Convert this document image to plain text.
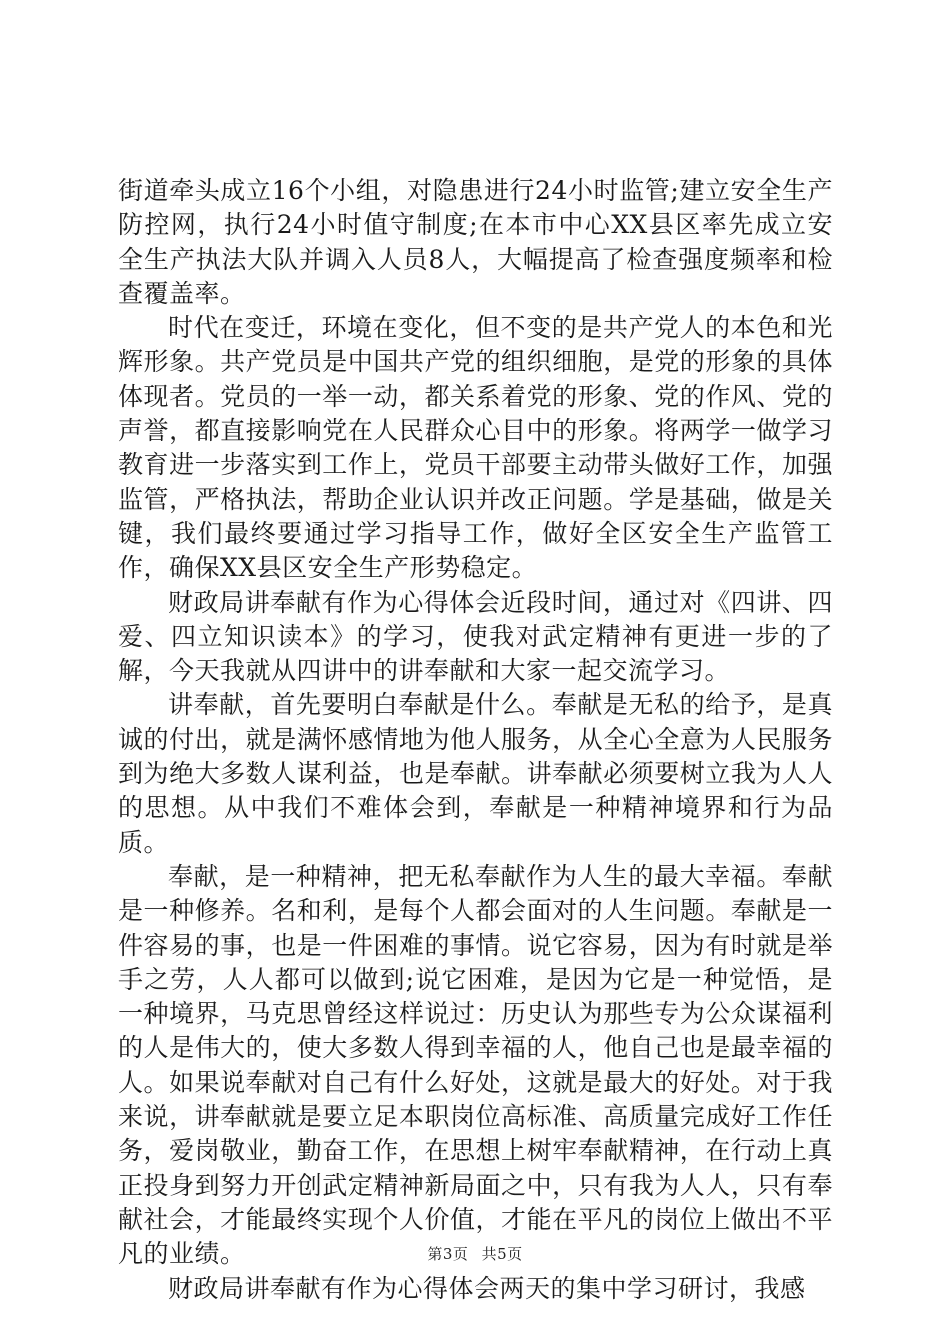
街道牵头成立16个小组，对隐患进行24小时监管;建立安全生产防控网，执行24小时值守制度;在本市中心XX县区率先成立安全生产执法大队并调入人员8人，大幅提高了检查强度频率和检查覆盖率。

时代在变迁，环境在变化，但不变的是共产党人的本色和光辉形象。共产党员是中国共产党的组织细胞，是党的形象的具体体现者。党员的一举一动，都关系着党的形象、党的作风、党的声誉，都直接影响党在人民群众心目中的形象。将两学一做学习教育进一步落实到工作上，党员干部要主动带头做好工作，加强监管，严格执法，帮助企业认识并改正问题。学是基础，做是关键，我们最终要通过学习指导工作，做好全区安全生产监管工作，确保XX县区安全生产形势稳定。

财政局讲奉献有作为心得体会近段时间，通过对《四讲、四爱、四立知识读本》的学习，使我对武定精神有更进一步的了解，今天我就从四讲中的讲奉献和大家一起交流学习。

讲奉献，首先要明白奉献是什么。奉献是无私的给予，是真诚的付出，就是满怀感情地为他人服务，从全心全意为人民服务到为绝大多数人谋利益，也是奉献。讲奉献必须要树立我为人人的思想。从中我们不难体会到，奉献是一种精神境界和行为品质。

奉献，是一种精神，把无私奉献作为人生的最大幸福。奉献是一种修养。名和利，是每个人都会面对的人生问题。奉献是一件容易的事，也是一件困难的事情。说它容易，因为有时就是举手之劳，人人都可以做到;说它困难，是因为它是一种觉悟，是一种境界，马克思曾经这样说过：历史认为那些专为公众谋福利的人是伟大的，使大多数人得到幸福的人，他自己也是最幸福的人。如果说奉献对自己有什么好处，这就是最大的好处。对于我来说，讲奉献就是要立足本职岗位高标准、高质量完成好工作任务，爱岗敬业，勤奋工作，在思想上树牢奉献精神，在行动上真正投身到努力开创武定精神新局面之中，只有我为人人，只有奉献社会，才能最终实现个人价值，才能在平凡的岗位上做出不平凡的业绩。

财政局讲奉献有作为心得体会两天的集中学习研讨，我感

第3页 共5页
